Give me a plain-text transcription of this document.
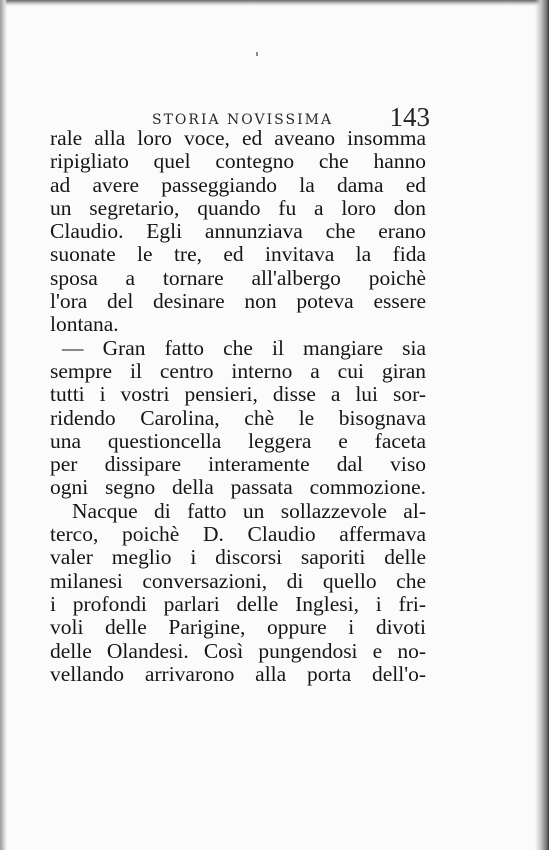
STORIA NOVISSIMA 143
rale alla loro voce, ed aveano insomma
ripigliato quel contegno che hanno
ad avere passeggiando la dama ed
un segretario, quando fu a loro don
Claudio. Egli annunziava che erano
suonate le tre, ed invitava la fida
sposa a tornare all'albergo poichè
l'ora del desinare non poteva essere
lontana.
— Gran fatto che il mangiare sia
sempre il centro interno a cui giran
tutti i vostri pensieri, disse a lui sor-
ridendo Carolina, chè le bisognava
una questioncella leggera e faceta
per dissipare interamente dal viso
ogni segno della passata commozione.
Nacque di fatto un sollazzevole al-
terco, poichè D. Claudio affermava
valer meglio i discorsi saporiti delle
milanesi conversazioni, di quello che
i profondi parlari delle Inglesi, i fri-
voli delle Parigine, oppure i divoti
delle Olandesi. Così pungendosi e no-
vellando arrivarono alla porta dell'o-
